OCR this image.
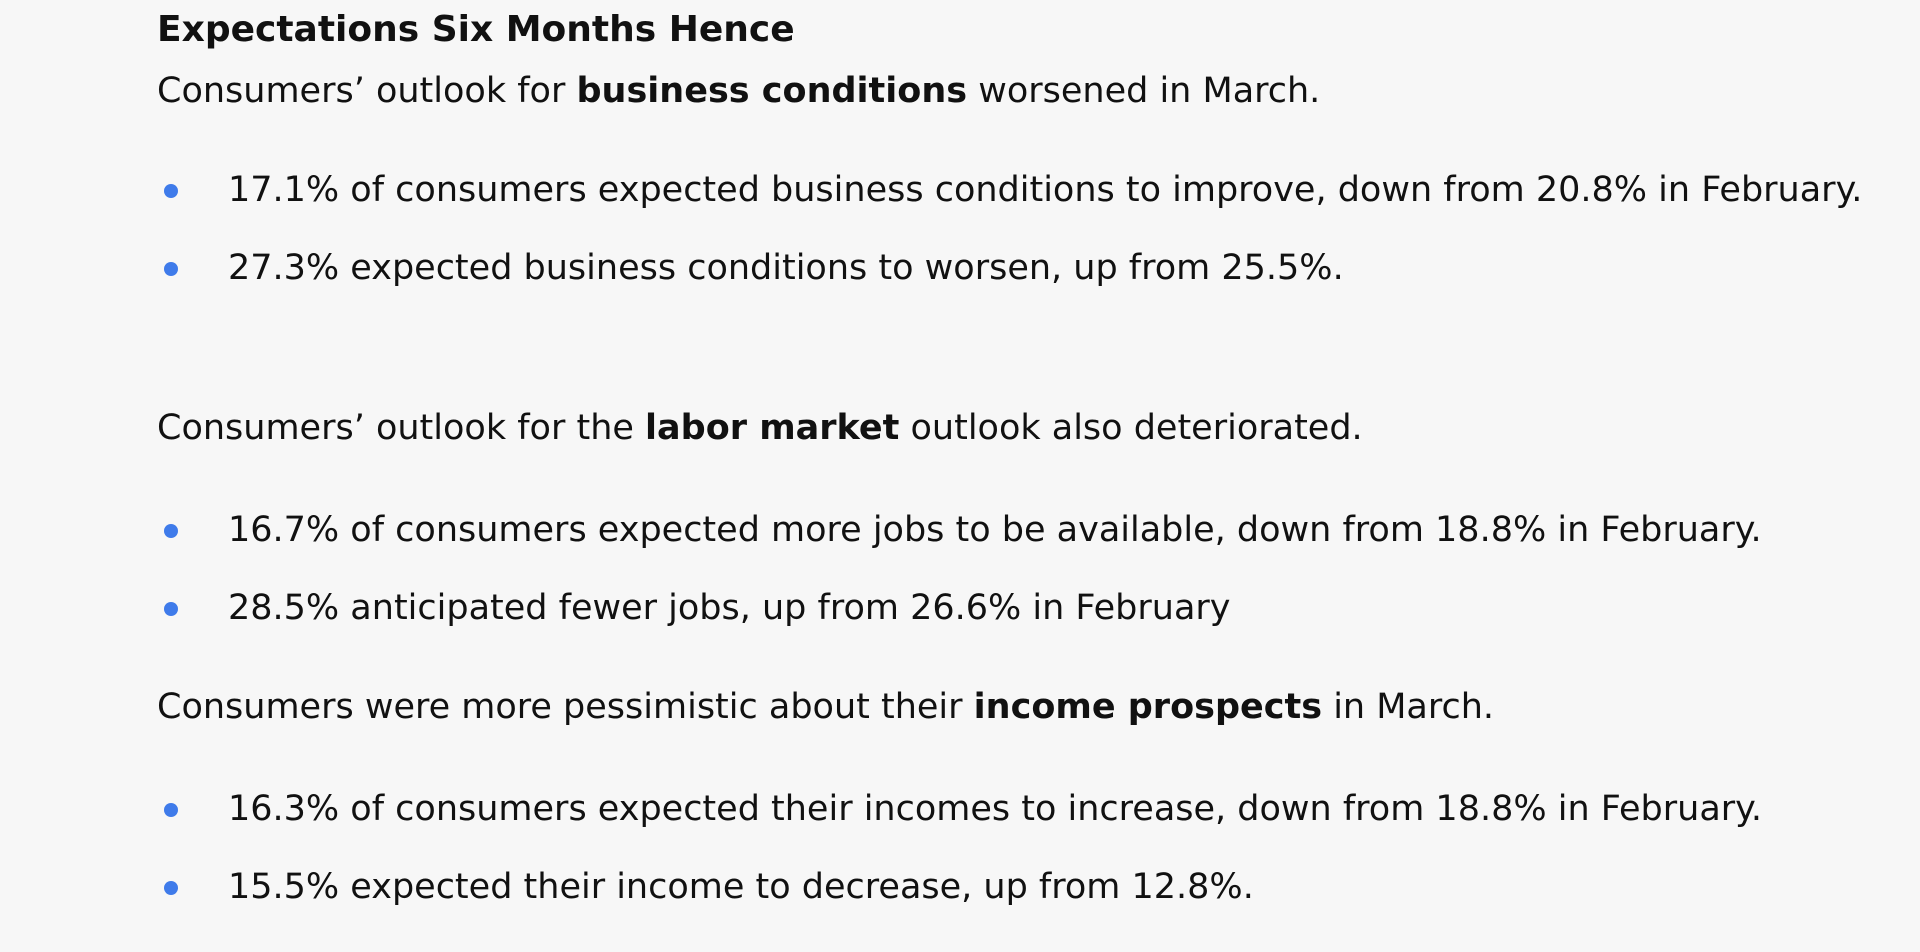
Expectations Six Months Hence

Consumers’ outlook for business conditions worsened in March.

17.1% of consumers expected business conditions to improve, down from 20.8% in February.
27.3% expected business conditions to worsen, up from 25.5%.

Consumers’ outlook for the labor market outlook also deteriorated.

16.7% of consumers expected more jobs to be available, down from 18.8% in February.
28.5% anticipated fewer jobs, up from 26.6% in February

Consumers were more pessimistic about their income prospects in March.

16.3% of consumers expected their incomes to increase, down from 18.8% in February.
15.5% expected their income to decrease, up from 12.8%.
